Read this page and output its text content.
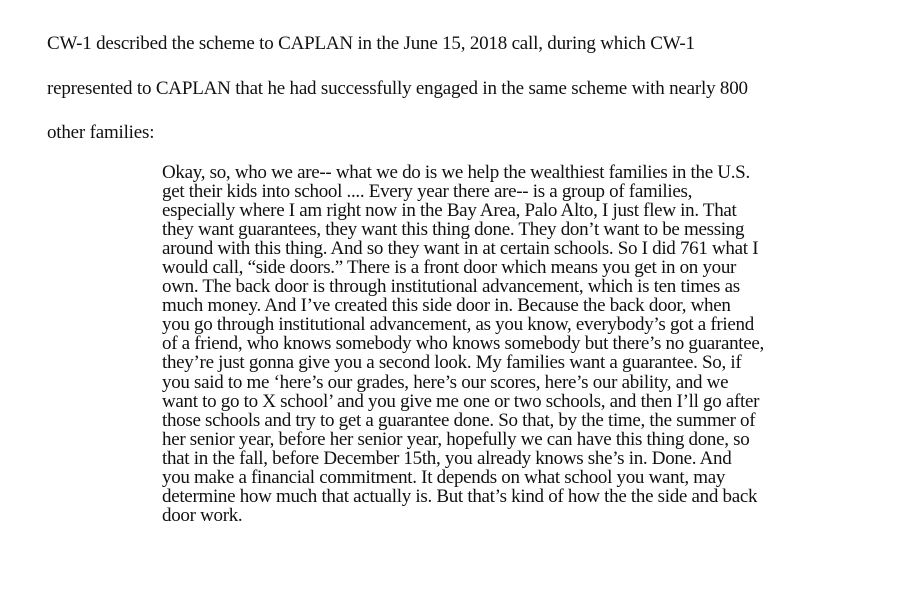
CW-1 described the scheme to CAPLAN in the June 15, 2018 call, during which CW-1
represented to CAPLAN that he had successfully engaged in the same scheme with nearly 800
other families:
Okay, so, who we are-- what we do is we help the wealthiest families in the U.S.
get their kids into school .... Every year there are-- is a group of families,
especially where I am right now in the Bay Area, Palo Alto, I just flew in. That
they want guarantees, they want this thing done. They don’t want to be messing
around with this thing. And so they want in at certain schools. So I did 761 what I
would call, “side doors.” There is a front door which means you get in on your
own. The back door is through institutional advancement, which is ten times as
much money. And I’ve created this side door in. Because the back door, when
you go through institutional advancement, as you know, everybody’s got a friend
of a friend, who knows somebody who knows somebody but there’s no guarantee,
they’re just gonna give you a second look. My families want a guarantee. So, if
you said to me ‘here’s our grades, here’s our scores, here’s our ability, and we
want to go to X school’ and you give me one or two schools, and then I’ll go after
those schools and try to get a guarantee done. So that, by the time, the summer of
her senior year, before her senior year, hopefully we can have this thing done, so
that in the fall, before December 15th, you already knows she’s in. Done. And
you make a financial commitment. It depends on what school you want, may
determine how much that actually is. But that’s kind of how the the side and back
door work.
